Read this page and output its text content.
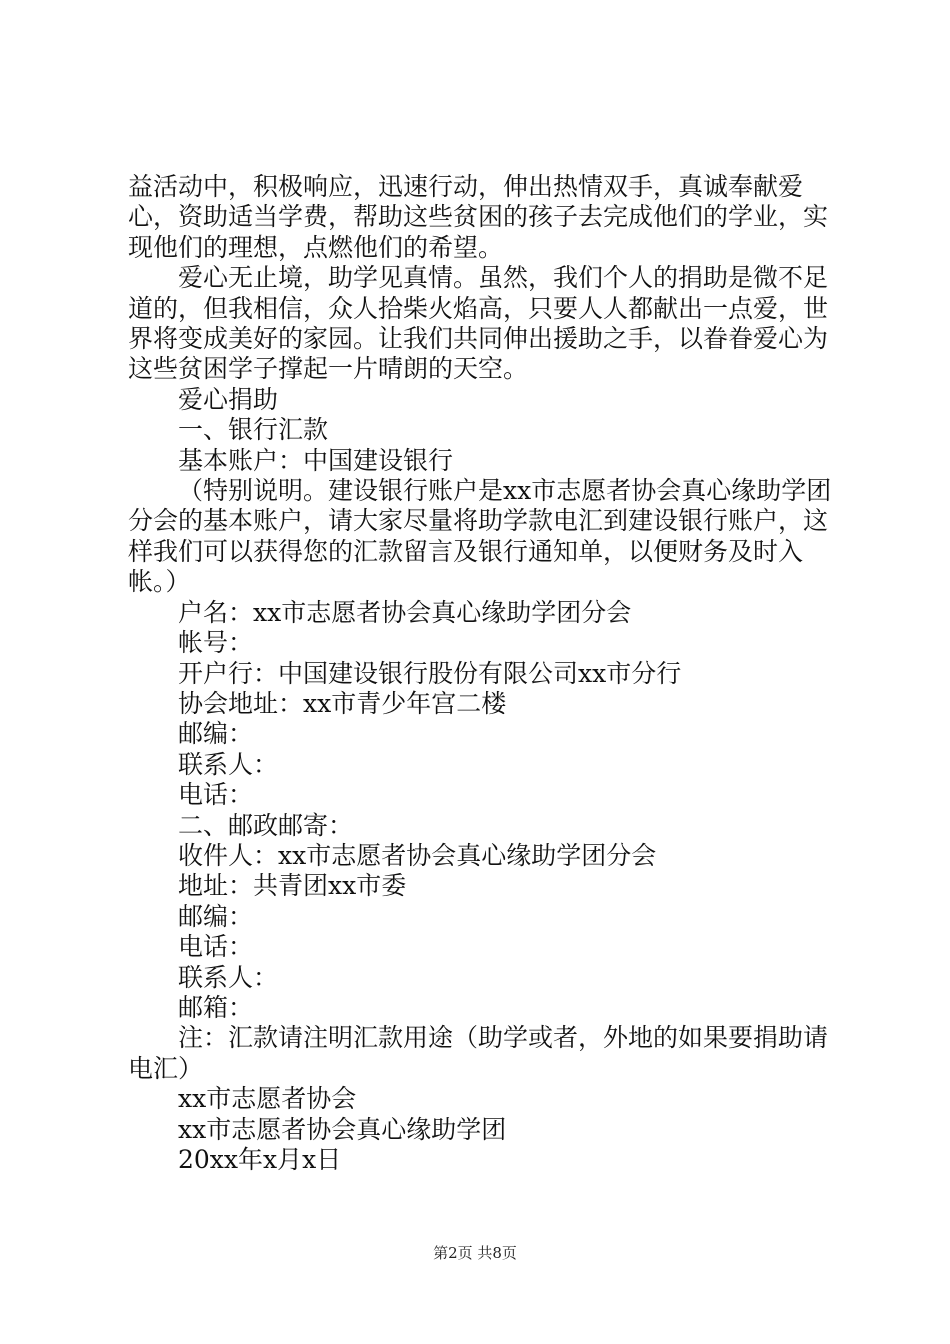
益活动中，积极响应，迅速行动，伸出热情双手，真诚奉献爱心，资助适当学费，帮助这些贫困的孩子去完成他们的学业，实现他们的理想，点燃他们的希望。

爱心无止境，助学见真情。虽然，我们个人的捐助是微不足道的，但我相信，众人拾柴火焰高，只要人人都献出一点爱，世界将变成美好的家园。让我们共同伸出援助之手，以眷眷爱心为这些贫困学子撑起一片晴朗的天空。

爱心捐助

一、银行汇款

基本账户：中国建设银行

（特别说明。建设银行账户是xx市志愿者协会真心缘助学团分会的基本账户，请大家尽量将助学款电汇到建设银行账户，这样我们可以获得您的汇款留言及银行通知单，以便财务及时入帐。）

户名：xx市志愿者协会真心缘助学团分会

帐号：

开户行：中国建设银行股份有限公司xx市分行

协会地址：xx市青少年宫二楼

邮编：

联系人：

电话：

二、邮政邮寄：

收件人：xx市志愿者协会真心缘助学团分会

地址：共青团xx市委

邮编：

电话：

联系人：

邮箱：

注：汇款请注明汇款用途（助学或者，外地的如果要捐助请电汇）

xx市志愿者协会

xx市志愿者协会真心缘助学团

20xx年x月x日

第2页 共8页
